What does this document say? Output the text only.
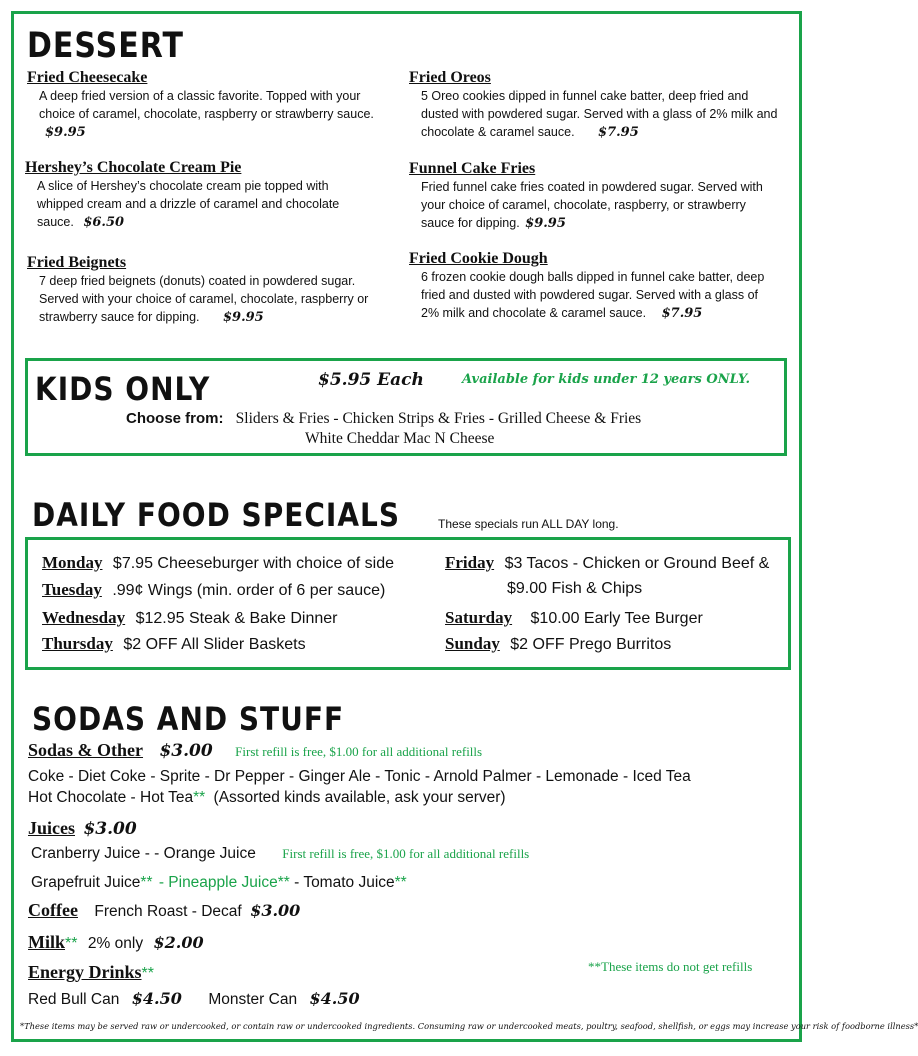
DESSERT
Fried Cheesecake
A deep fried version of a classic favorite. Topped with your choice of caramel, chocolate, raspberry or strawberry sauce. $9.95
Hershey’s Chocolate Cream Pie
A slice of Hershey’s chocolate cream pie topped with whipped cream and a drizzle of caramel and chocolate sauce. $6.50
Fried Beignets
7 deep fried beignets (donuts) coated in powdered sugar. Served with your choice of caramel, chocolate, raspberry or strawberry sauce for dipping. $9.95
Fried Oreos
5 Oreo cookies dipped in funnel cake batter, deep fried and dusted with powdered sugar. Served with a glass of 2% milk and chocolate & caramel sauce. $7.95
Funnel Cake Fries
Fried funnel cake fries coated in powdered sugar. Served with your choice of caramel, chocolate, raspberry, or strawberry sauce for dipping. $9.95
Fried Cookie Dough
6 frozen cookie dough balls dipped in funnel cake batter, deep fried and dusted with powdered sugar. Served with a glass of 2% milk and chocolate & caramel sauce. $7.95
KIDS ONLY	$5.95 Each	Available for kids under 12 years ONLY.
Choose from: Sliders & Fries - Chicken Strips & Fries - Grilled Cheese & Fries
White Cheddar Mac N Cheese
DAILY FOOD SPECIALS	These specials run ALL DAY long.
Monday $7.95 Cheeseburger with choice of side
Tuesday .99¢ Wings (min. order of 6 per sauce)
Wednesday $12.95 Steak & Bake Dinner
Thursday $2 OFF All Slider Baskets
Friday $3 Tacos - Chicken or Ground Beef &
$9.00 Fish & Chips
Saturday $10.00 Early Tee Burger
Sunday $2 OFF Prego Burritos
SODAS AND STUFF
Sodas & Other $3.00 First refill is free, $1.00 for all additional refills
Coke - Diet Coke - Sprite - Dr Pepper - Ginger Ale - Tonic - Arnold Palmer - Lemonade - Iced Tea
Hot Chocolate - Hot Tea** (Assorted kinds available, ask your server)
Juices $3.00
Cranberry Juice - - Orange Juice First refill is free, $1.00 for all additional refills
Grapefruit Juice** - Pineapple Juice** - Tomato Juice**
Coffee French Roast - Decaf $3.00
Milk** 2% only $2.00
Energy Drinks**	**These items do not get refills
Red Bull Can $4.50 Monster Can $4.50
*These items may be served raw or undercooked, or contain raw or undercooked ingredients. Consuming raw or undercooked meats, poultry, seafood, shellfish, or eggs may increase your risk of foodborne illness*
